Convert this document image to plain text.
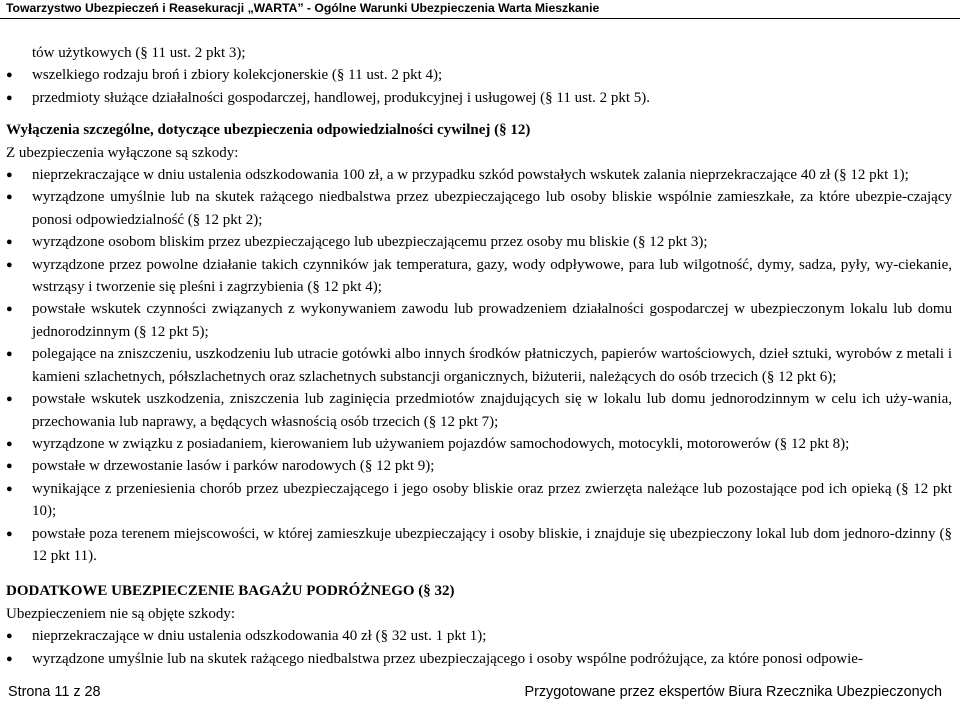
Towarzystwo Ubezpieczeń i Reasekuracji „WARTA” - Ogólne Warunki Ubezpieczenia Warta Mieszkanie
tów użytkowych (§ 11 ust. 2 pkt 3);
● wszelkiego rodzaju broń i zbiory kolekcjonerskie (§ 11 ust. 2 pkt 4);
● przedmioty służące działalności gospodarczej, handlowej, produkcyjnej i usługowej (§ 11 ust. 2 pkt 5).
Wyłączenia szczególne, dotyczące ubezpieczenia odpowiedzialności cywilnej (§ 12)
Z ubezpieczenia wyłączone są szkody:
● nieprzekraczające w dniu ustalenia odszkodowania 100 zł, a w przypadku szkód powstałych wskutek zalania nieprzekraczające 40 zł (§ 12 pkt 1);
● wyrządzone umyślnie lub na skutek rażącego niedbalstwa przez ubezpieczającego lub osoby bliskie wspólnie zamieszkałe, za które ubezpie-czający ponosi odpowiedzialność (§ 12 pkt 2);
● wyrządzone osobom bliskim przez ubezpieczającego lub ubezpieczającemu przez osoby mu bliskie (§ 12 pkt 3);
● wyrządzone przez powolne działanie takich czynników jak temperatura, gazy, wody odpływowe, para lub wilgotność, dymy, sadza, pyły, wy-ciekanie, wstrząsy i tworzenie się pleśni i zagrzybienia (§ 12 pkt 4);
● powstałe wskutek czynności związanych z wykonywaniem zawodu lub prowadzeniem działalności gospodarczej w ubezpieczonym lokalu lub domu jednorodzinnym (§ 12 pkt 5);
● polegające na zniszczeniu, uszkodzeniu lub utracie gotówki albo innych środków płatniczych, papierów wartościowych, dzieł sztuki, wyrobów z metali i kamieni szlachetnych, półszlachetnych oraz szlachetnych substancji organicznych, biżuterii, należących do osób trzecich (§ 12 pkt 6);
● powstałe wskutek uszkodzenia, zniszczenia lub zaginięcia przedmiotów znajdujących się w lokalu lub domu jednorodzinnym w celu ich uży-wania, przechowania lub naprawy, a będących własnością osób trzecich (§ 12 pkt 7);
● wyrządzone w związku z posiadaniem, kierowaniem lub używaniem pojazdów samochodowych, motocykli, motorowerów (§ 12 pkt 8);
● powstałe w drzewostanie lasów i parków narodowych (§ 12 pkt 9);
● wynikające z przeniesienia chorób przez ubezpieczającego i jego osoby bliskie oraz przez zwierzęta należące lub pozostające pod ich opieką (§ 12 pkt 10);
● powstałe poza terenem miejscowości, w której zamieszkuje ubezpieczający i osoby bliskie, i znajduje się ubezpieczony lokal lub dom jednoro-dzinny (§ 12 pkt 11).
DODATKOWE UBEZPIECZENIE BAGAŻU PODRÓŻNEGO (§ 32)
Ubezpieczeniem nie są objęte szkody:
● nieprzekraczające w dniu ustalenia odszkodowania 40 zł (§ 32 ust. 1 pkt 1);
● wyrządzone umyślnie lub na skutek rażącego niedbalstwa przez ubezpieczającego i osoby wspólne podróżujące, za które ponosi odpowie-
Strona 11 z 28	Przygotowane przez ekspertów Biura Rzecznika Ubezpieczonych
